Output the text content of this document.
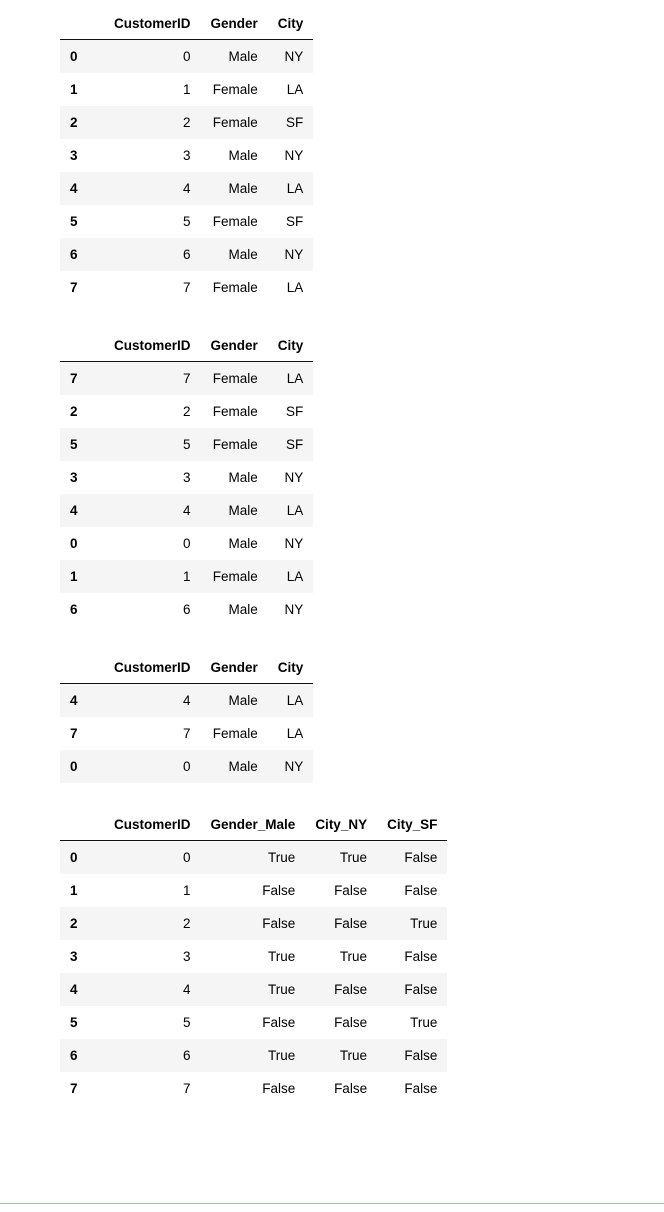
	CustomerID	Gender	City
0	0	Male	NY
1	1	Female	LA
2	2	Female	SF
3	3	Male	NY
4	4	Male	LA
5	5	Female	SF
6	6	Male	NY
7	7	Female	LA
	CustomerID	Gender	City
7	7	Female	LA
2	2	Female	SF
5	5	Female	SF
3	3	Male	NY
4	4	Male	LA
0	0	Male	NY
1	1	Female	LA
6	6	Male	NY
	CustomerID	Gender	City
4	4	Male	LA
7	7	Female	LA
0	0	Male	NY
	CustomerID	Gender_Male	City_NY	City_SF
0	0	True	True	False
1	1	False	False	False
2	2	False	False	True
3	3	True	True	False
4	4	True	False	False
5	5	False	False	True
6	6	True	True	False
7	7	False	False	False
